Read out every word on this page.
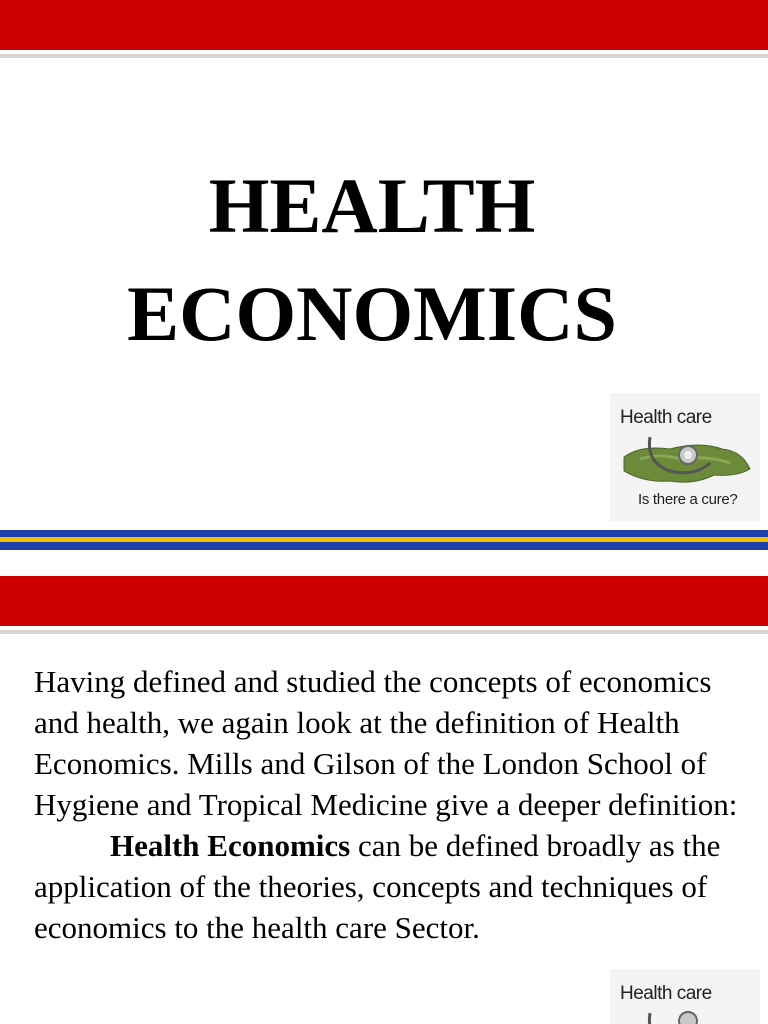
HEALTH
ECONOMICS
Health care
Is there a cure?
Having defined and studied the concepts of economics and health, we again look at the definition of Health Economics. Mills and Gilson of the London School of Hygiene and Tropical Medicine give a deeper definition:
Health Economics can be defined broadly as the application of the theories, concepts and techniques of economics to the health care Sector.
Health care
